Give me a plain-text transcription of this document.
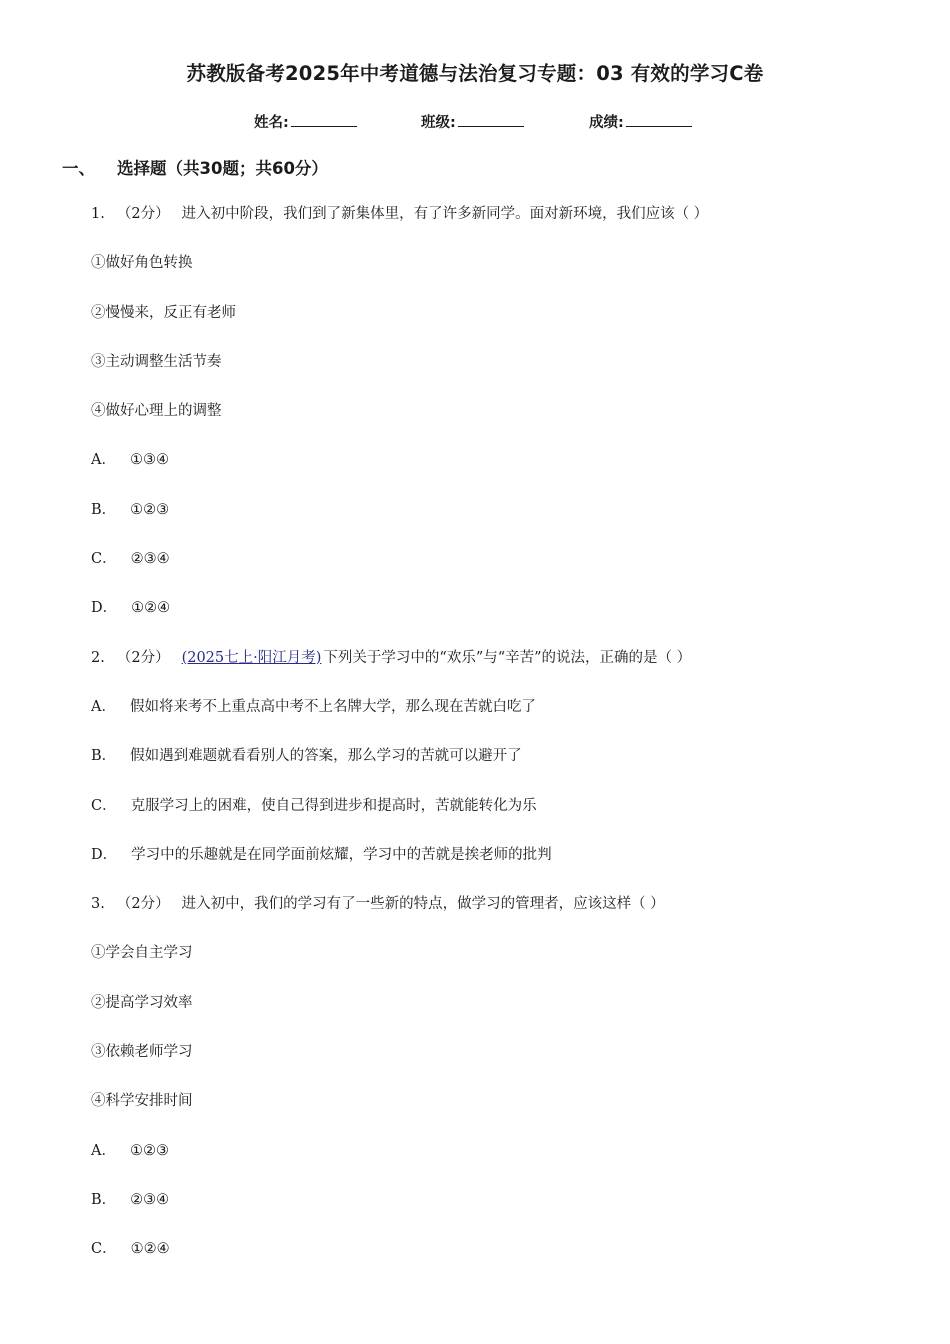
苏教版备考2025年中考道德与法治复习专题：03 有效的学习C卷
姓名:	班级:	成绩:
一、 选择题（共30题；共60分）
1. （2分） 进入初中阶段，我们到了新集体里，有了许多新同学。面对新环境，我们应该（ ）
①做好角色转换
②慢慢来，反正有老师
③主动调整生活节奏
④做好心理上的调整
A． ①③④
B． ①②③
C． ②③④
D． ①②④
2. （2分） (2025七上·阳江月考) 下列关于学习中的“欢乐”与“辛苦”的说法，正确的是（ ）
A． 假如将来考不上重点高中考不上名牌大学，那么现在苦就白吃了
B． 假如遇到难题就看看别人的答案，那么学习的苦就可以避开了
C． 克服学习上的困难，使自己得到进步和提高时，苦就能转化为乐
D． 学习中的乐趣就是在同学面前炫耀，学习中的苦就是挨老师的批判
3. （2分） 进入初中，我们的学习有了一些新的特点，做学习的管理者，应该这样（ ）
①学会自主学习
②提高学习效率
③依赖老师学习
④科学安排时间
A． ①②③
B． ②③④
C． ①②④
